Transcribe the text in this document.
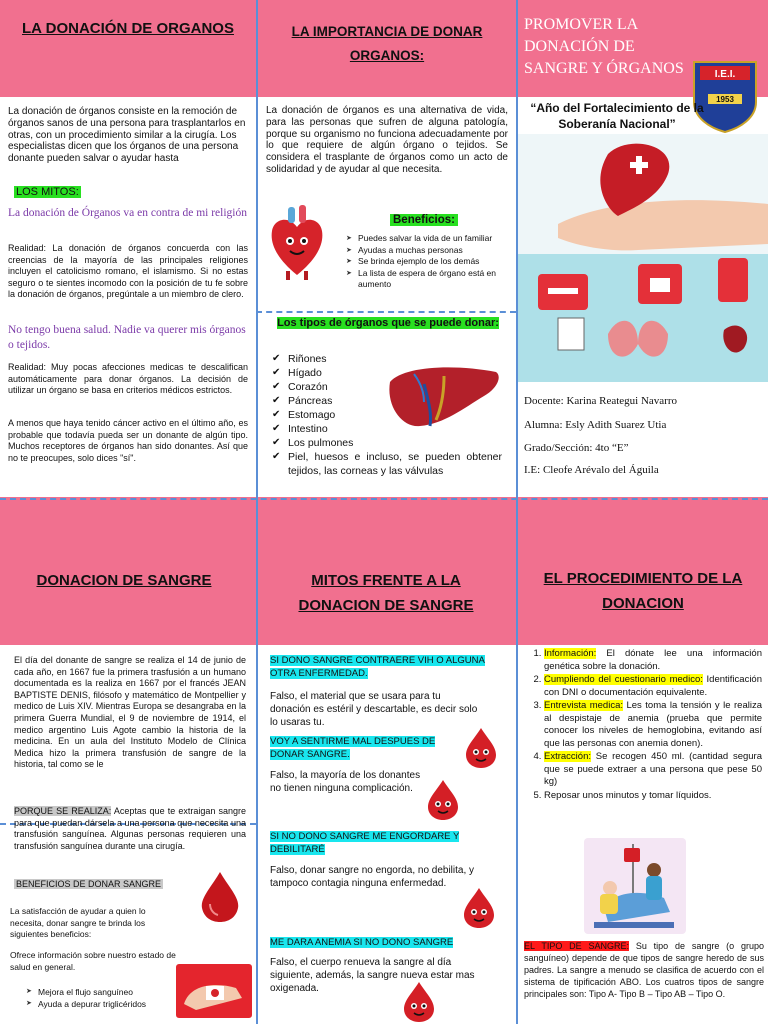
LA DONACIÓN DE ORGANOS
La donación de órganos consiste en la remoción de órganos sanos de una persona para trasplantarlos en otras, con un procedimiento similar a la cirugía. Los especialistas dicen que los órganos de una persona donante pueden salvar o ayudar hasta
LOS MITOS:
La donación de Órganos va en contra de mi religión
Realidad: La donación de órganos concuerda con las creencias de la mayoría de las principales religiones incluyen el catolicismo romano, el islamismo. Si no estas seguro o te sientes incomodo con la posición de tu fe sobre la donación de órganos, pregúntale a un miembro de clero.
No tengo buena salud. Nadie va querer mis órganos o tejidos.
Realidad: Muy pocas afecciones medicas te descalifican automáticamente para donar órganos. La decisión de utilizar un órgano se basa en criterios médicos estrictos.
A menos que haya tenido cáncer activo en el último año, es probable que todavía pueda ser un donante de algún tipo. Muchos receptores de órganos han sido donantes. Así que no te preocupes, solo dices "sí".
LA IMPORTANCIA DE DONAR ORGANOS:
La donación de órganos es una alternativa de vida, para las personas que sufren de alguna patología, porque su organismo no funciona adecuadamente por lo que requiere de algún órgano o tejidos. Se considera el trasplante de órganos como un acto de solidaridad y de ayudar al que necesita.
Beneficios:
➤ Puedes salvar la vida de un familiar
➤ Ayudas a muchas personas
➤ Se brinda ejemplo de los demás
➤ La lista de espera de órgano está en aumento
Los tipos de órganos que se puede donar:
✔ Riñones
✔ Hígado
✔ Corazón
✔ Páncreas
✔ Estomago
✔ Intestino
✔ Los pulmones
✔ Piel, huesos e incluso, se pueden obtener tejidos, las corneas y las válvulas
PROMOVER LA DONACIÓN DE SANGRE Y ÓRGANOS	I.E.I.
1953
“Año del Fortalecimiento de la Soberanía Nacional”
Docente: Karina Reategui Navarro
Alumna: Esly Adith Suarez Utia
Grado/Sección: 4to “E”
I.E: Cleofe Arévalo del Águila
DONACION DE SANGRE
El día del donante de sangre se realiza el 14 de junio de cada año, en 1667 fue la primera trasfusión a un humano documentada es la realiza en 1667 por el francés JEAN BAPTISTE DENIS, filósofo y matemático de Montpellier y medico de Luis XIV. Mientras Europa se desangraba en la primera Guerra Mundial, el 9 de noviembre de 1914, el medico argentino Luis Agote cambio la historia de la medicina. En un aula del Instituto Modelo de Clínica Medica hizo la primera transfusión de sangre de la historia, tal como se le
PORQUE SE REALIZA: Aceptas que te extraigan sangre para que puedan dársela a una persona que necesita una transfusión sanguínea. Algunas personas requieren una transfusión sanguínea durante una cirugía.
BENEFICIOS DE DONAR SANGRE
La satisfacción de ayudar a quien lo necesita, donar sangre te brinda los siguientes beneficios:
Ofrece información sobre nuestro estado de salud en general.
➤ Mejora el flujo sanguíneo
➤ Ayuda a depurar triglicéridos
MITOS FRENTE A LA DONACION DE SANGRE
SI DONO SANGRE CONTRAERE VIH O ALGUNA OTRA ENFERMEDAD.
Falso, el material que se usara para tu donación es estéril y descartable, es decir solo lo usaras tu.
VOY A SENTIRME MAL DESPUES DE DONAR SANGRE.
Falso, la mayoría de los donantes no tienen ninguna complicación.
SI NO DONO SANGRE ME ENGORDARE Y DEBILITARÉ
Falso, donar sangre no engorda, no debilita, y tampoco contagia ninguna enfermedad.
ME DARA ANEMIA SI NO DONO SANGRE
Falso, el cuerpo renueva la sangre al día siguiente, además, la sangre nueva estar mas oxigenada.
EL PROCEDIMIENTO DE LA DONACION
1. Información: El dónate lee una información genética sobre la donación.
2. Cumpliendo del cuestionario medico: Identificación con DNI o documentación equivalente.
3. Entrevista medica: Les toma la tensión y le realiza al despistaje de anemia (prueba que permite conocer los niveles de hemoglobina, evitando así que las personas con anemia donen).
4. Extracción: Se recogen 450 ml. (cantidad segura que se puede extraer a una persona que pese 50 kg)
5. Reposar unos minutos y tomar líquidos.
EL TIPO DE SANGRE: Su tipo de sangre (o grupo sanguíneo) depende de que tipos de sangre heredo de sus padres. La sangre a menudo se clasifica de acuerdo con el sistema de tipificación ABO. Los cuatros tipos de sangre principales son: Tipo A- Tipo B – Tipo AB – Tipo O.
